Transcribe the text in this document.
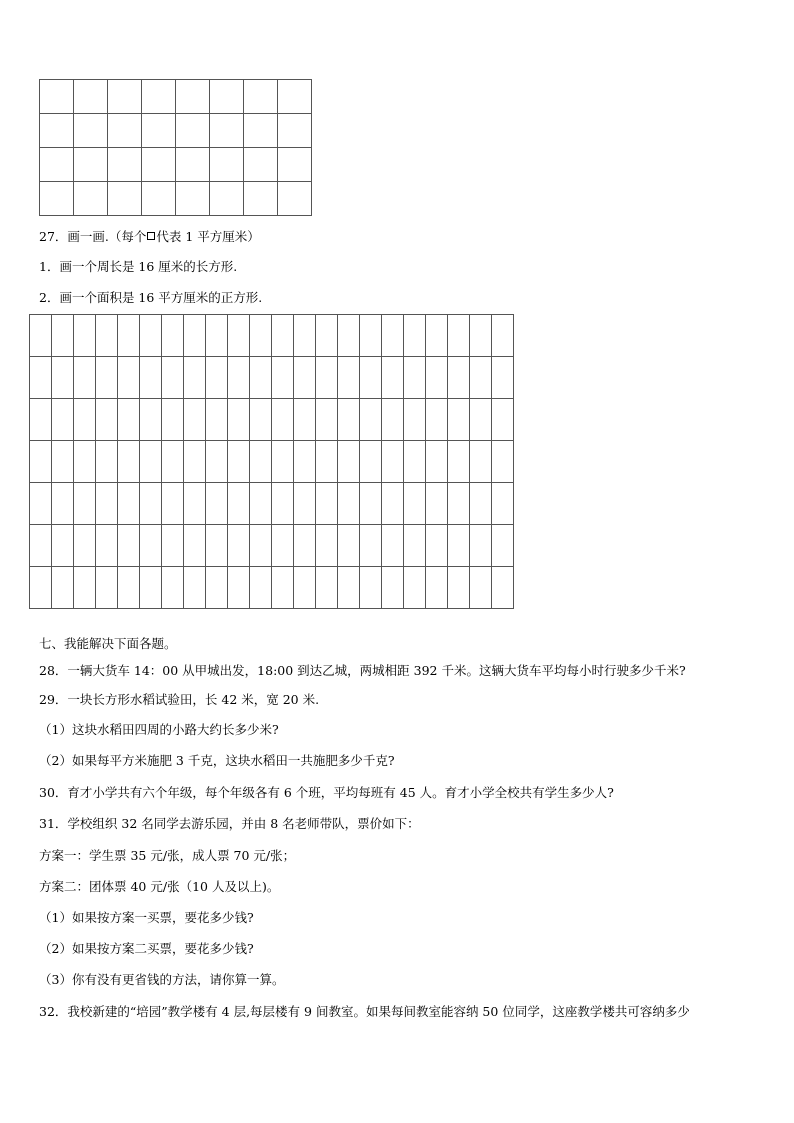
27．画一画.（每个 代表 1 平方厘米）
1．画一个周长是 16 厘米的长方形.
2．画一个面积是 16 平方厘米的正方形.

七、我能解决下面各题。
28．一辆大货车 14：00 从甲城出发，18:00 到达乙城，两城相距 392 千米。这辆大货车平均每小时行驶多少千米?
29．一块长方形水稻试验田，长 42 米，宽 20 米.
（1）这块水稻田四周的小路大约长多少米?
（2）如果每平方米施肥 3 千克，这块水稻田一共施肥多少千克?
30．育才小学共有六个年级，每个年级各有 6 个班，平均每班有 45 人。育才小学全校共有学生多少人?
31．学校组织 32 名同学去游乐园，并由 8 名老师带队，票价如下：
方案一：学生票 35 元/张，成人票 70 元/张；
方案二：团体票 40 元/张（10 人及以上)。
（1）如果按方案一买票，要花多少钱?
（2）如果按方案二买票，要花多少钱?
（3）你有没有更省钱的方法，请你算一算。
32．我校新建的“培园”教学楼有 4 层,每层楼有 9 间教室。如果每间教室能容纳 50 位同学，这座教学楼共可容纳多少
